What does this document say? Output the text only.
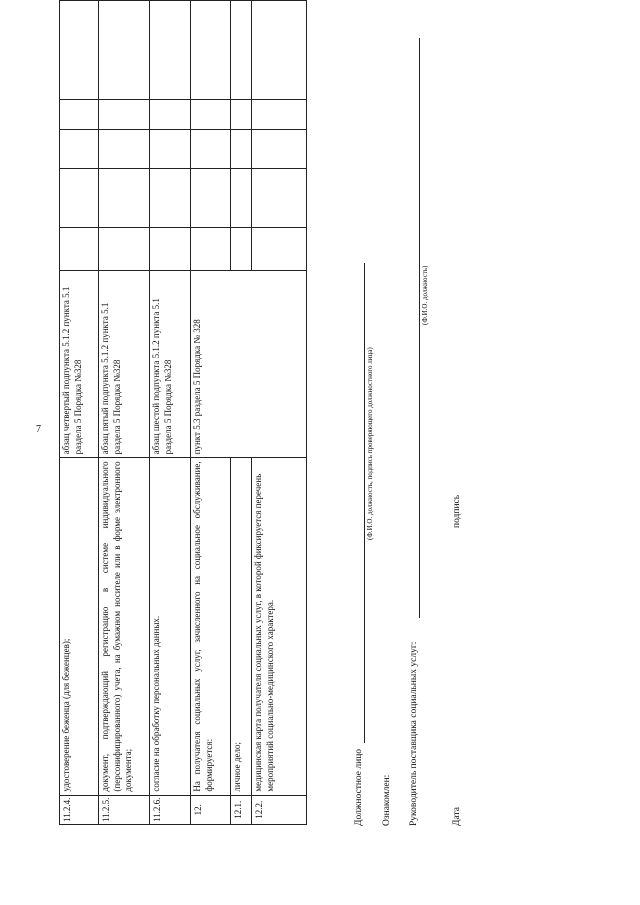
7
11.2.4.	удостоверение беженца (для беженцев);	абзац четвертый подпункта 5.1.2 пункта 5.1 раздела 5 Порядка №328					
11.2.5.	документ, подтверждающий регистрацию в системе индивидуального (персонифицированного) учета, на бумажном носителе или в форме электронного документа;	абзац пятый подпункта 5.1.2 пункта 5.1 раздела 5 Порядка №328					
11.2.6.	согласие на обработку персональных данных.	абзац шестой подпункта 5.1.2 пункта 5.1 раздела 5 Порядка №328					
12.	На получателя социальных услуг, зачисленного на социальное обслуживание, формируется:	пункт 5.3 раздела 5 Порядка № 328					
12.1.	личное дело;						
12.2.	медицинская карта получателя социальных услуг, в которой фиксируется перечень мероприятий социально-медицинского характера.							Должностное лицо
(Ф.И.О. должность, подпись проверяющего должностного лица)
Ознакомлен: Руководитель поставщика социальных услуг:
(Ф.И.О. должность)
Дата
подпись
